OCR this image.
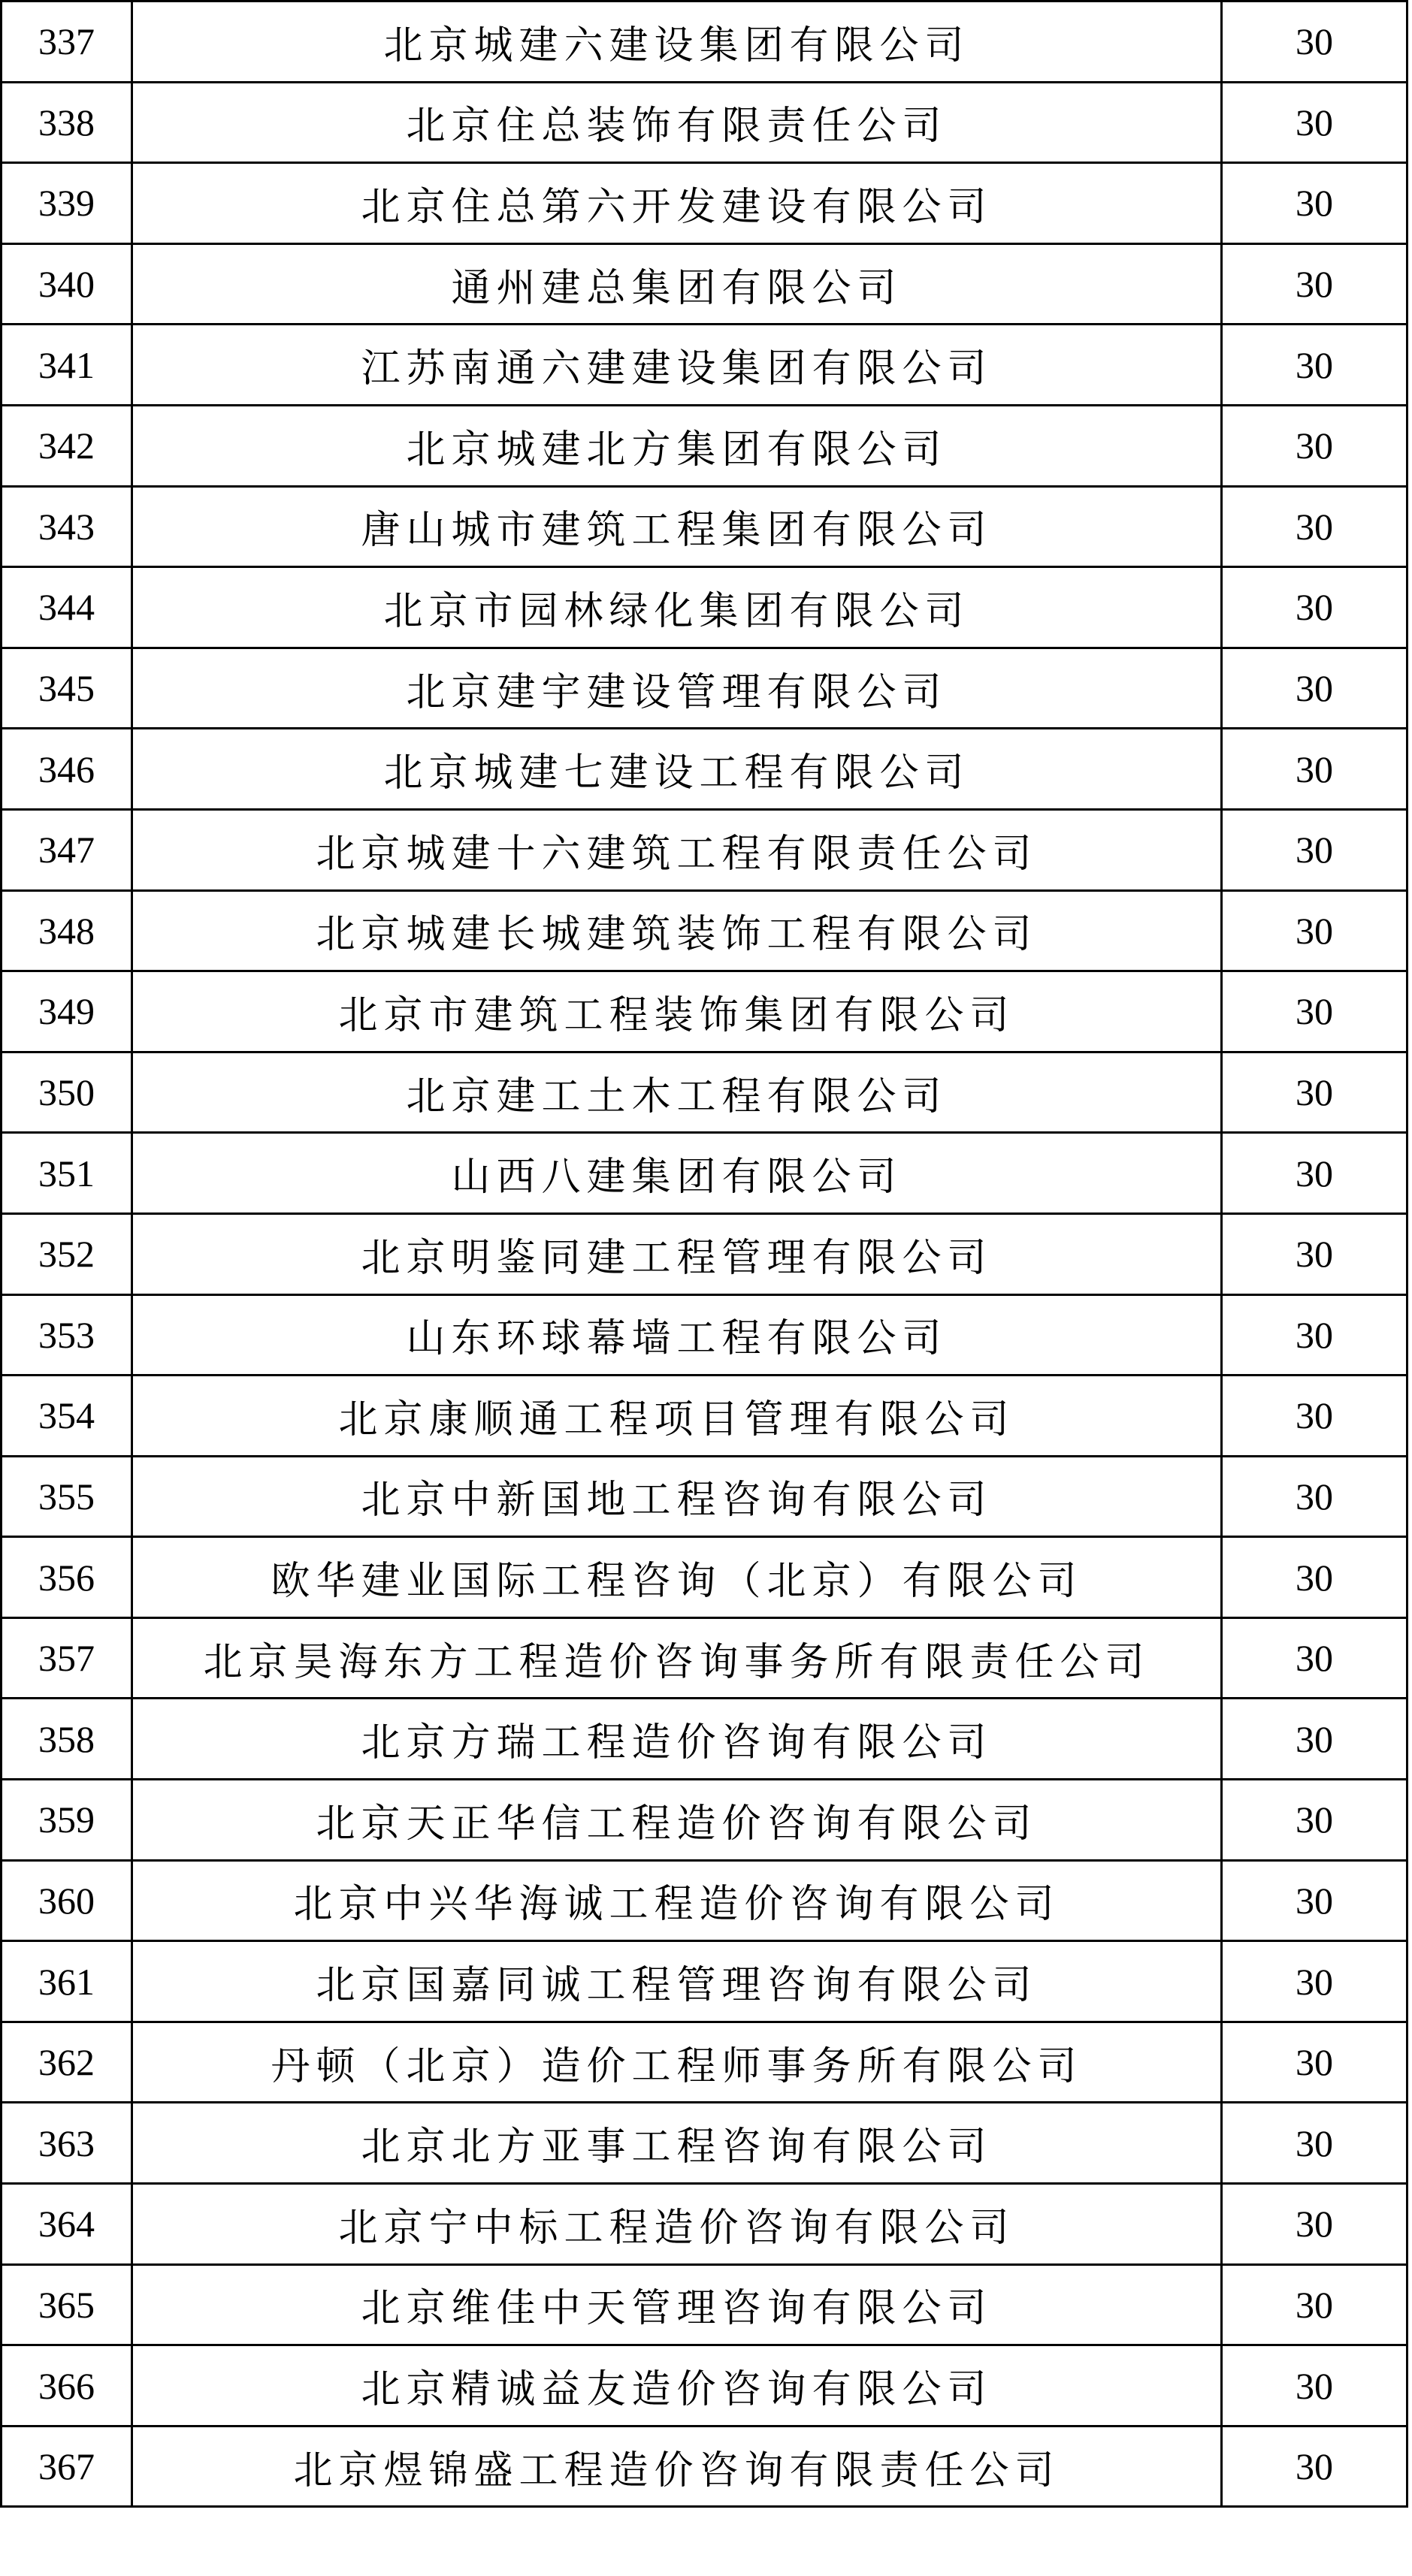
337	北京城建六建设集团有限公司	30
338	北京住总装饰有限责任公司	30
339	北京住总第六开发建设有限公司	30
340	通州建总集团有限公司	30
341	江苏南通六建建设集团有限公司	30
342	北京城建北方集团有限公司	30
343	唐山城市建筑工程集团有限公司	30
344	北京市园林绿化集团有限公司	30
345	北京建宇建设管理有限公司	30
346	北京城建七建设工程有限公司	30
347	北京城建十六建筑工程有限责任公司	30
348	北京城建长城建筑装饰工程有限公司	30
349	北京市建筑工程装饰集团有限公司	30
350	北京建工土木工程有限公司	30
351	山西八建集团有限公司	30
352	北京明鉴同建工程管理有限公司	30
353	山东环球幕墙工程有限公司	30
354	北京康顺通工程项目管理有限公司	30
355	北京中新国地工程咨询有限公司	30
356	欧华建业国际工程咨询（北京）有限公司	30
357	北京昊海东方工程造价咨询事务所有限责任公司	30
358	北京方瑞工程造价咨询有限公司	30
359	北京天正华信工程造价咨询有限公司	30
360	北京中兴华海诚工程造价咨询有限公司	30
361	北京国嘉同诚工程管理咨询有限公司	30
362	丹顿（北京）造价工程师事务所有限公司	30
363	北京北方亚事工程咨询有限公司	30
364	北京宁中标工程造价咨询有限公司	30
365	北京维佳中天管理咨询有限公司	30
366	北京精诚益友造价咨询有限公司	30
367	北京煜锦盛工程造价咨询有限责任公司	30
